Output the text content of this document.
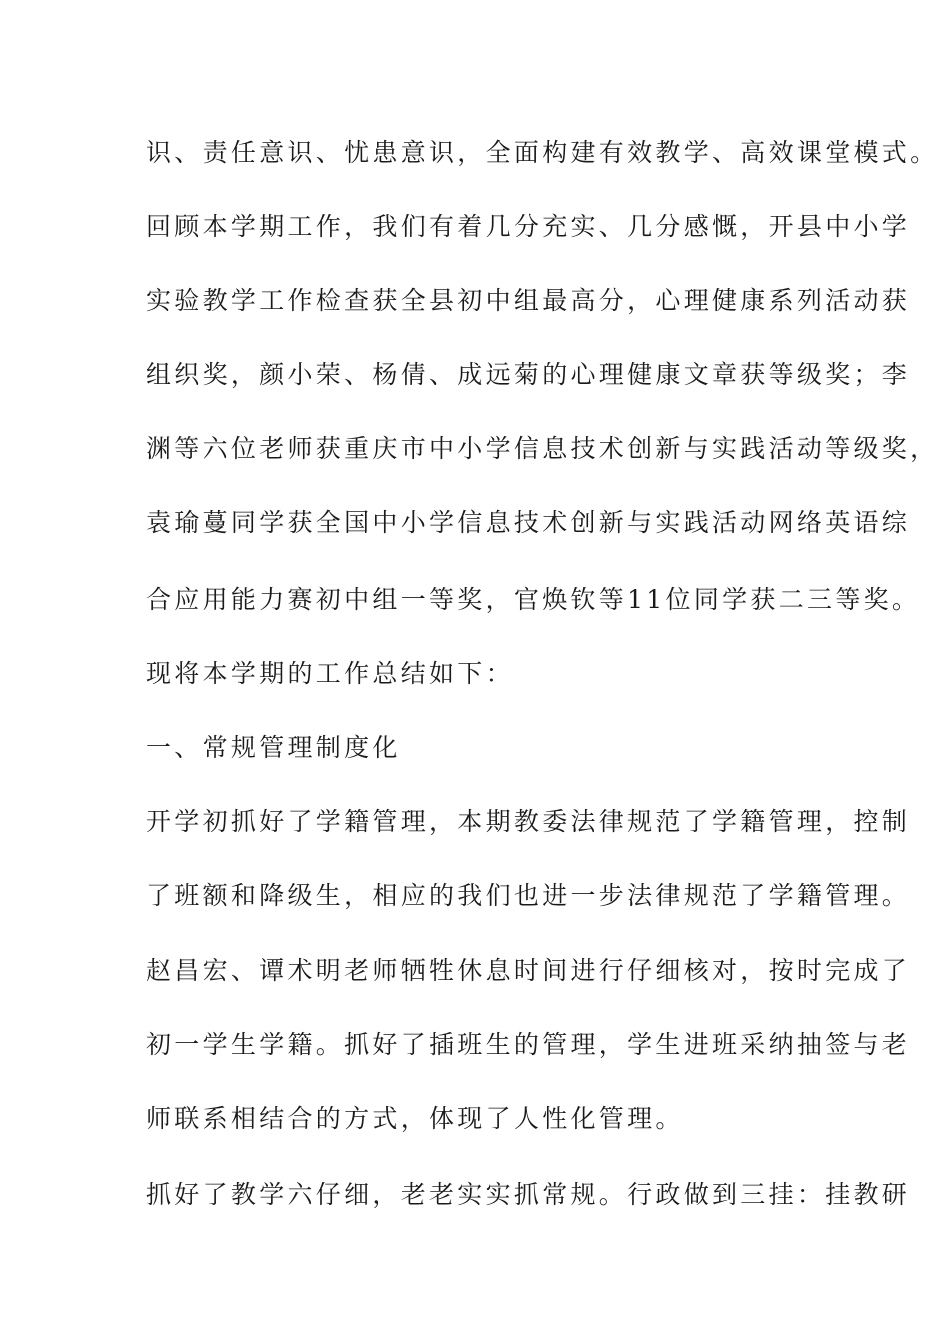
识、责任意识、忧患意识，全面构建有效教学、高效课堂模式。
回顾本学期工作，我们有着几分充实、几分感慨，开县中小学
实验教学工作检查获全县初中组最高分，心理健康系列活动获
组织奖，颜小荣、杨倩、成远菊的心理健康文章获等级奖；李
渊等六位老师获重庆市中小学信息技术创新与实践活动等级奖，
袁瑜蔓同学获全国中小学信息技术创新与实践活动网络英语综
合应用能力赛初中组一等奖，官焕钦等11位同学获二三等奖。
现将本学期的工作总结如下：
一、常规管理制度化
开学初抓好了学籍管理，本期教委法律规范了学籍管理，控制
了班额和降级生，相应的我们也进一步法律规范了学籍管理。
赵昌宏、谭术明老师牺牲休息时间进行仔细核对，按时完成了
初一学生学籍。抓好了插班生的管理，学生进班采纳抽签与老
师联系相结合的方式，体现了人性化管理。
抓好了教学六仔细，老老实实抓常规。行政做到三挂：挂教研
